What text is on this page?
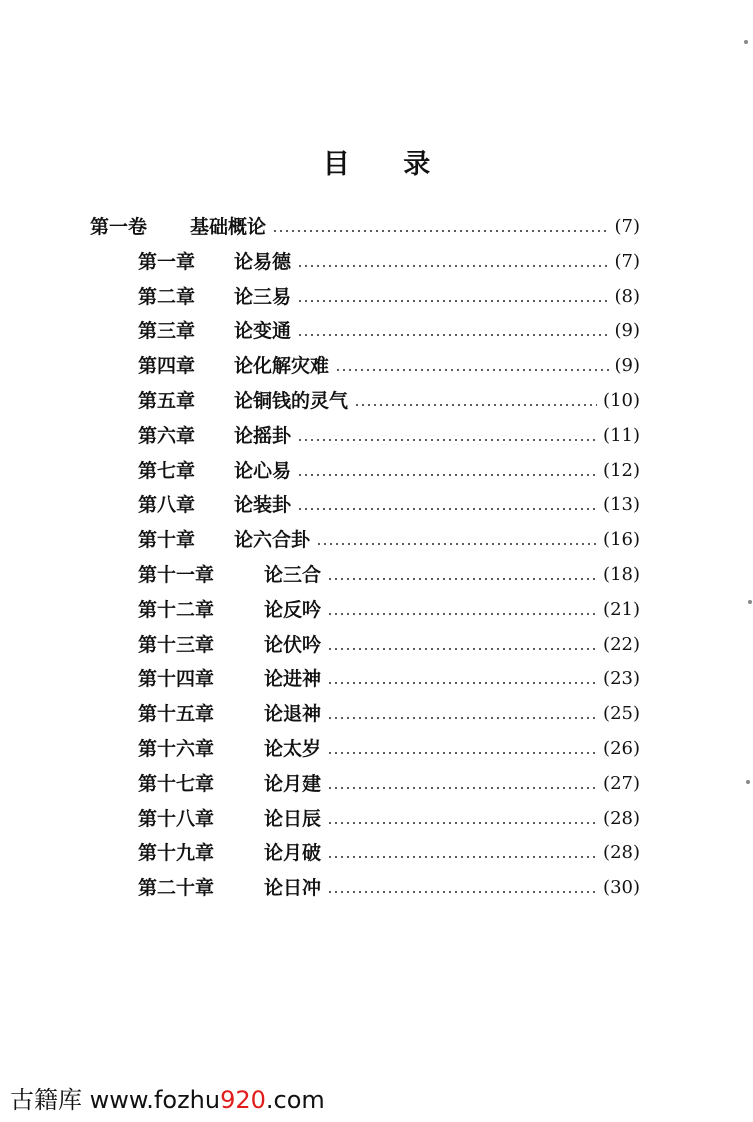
目 录
第一卷	基础概论	(7)
第一章	论易德	(7)
第二章	论三易	(8)
第三章	论变通	(9)
第四章	论化解灾难	(9)
第五章	论铜钱的灵气	(10)
第六章	论摇卦	(11)
第七章	论心易	(12)
第八章	论装卦	(13)
第十章	论六合卦	(16)
第十一章	论三合	(18)
第十二章	论反吟	(21)
第十三章	论伏吟	(22)
第十四章	论进神	(23)
第十五章	论退神	(25)
第十六章	论太岁	(26)
第十七章	论月建	(27)
第十八章	论日辰	(28)
第十九章	论月破	(28)
第二十章	论日冲	(30)
古籍库 www.fozhu920.com
